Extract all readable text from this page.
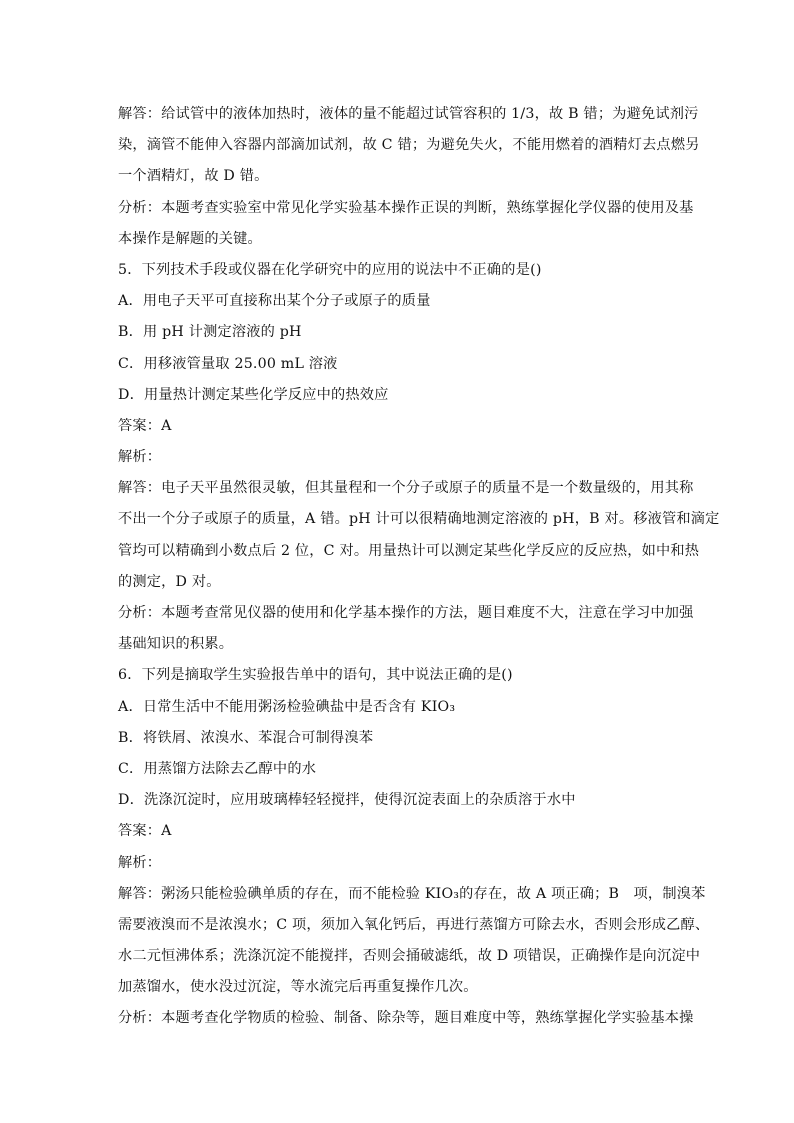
解答：给试管中的液体加热时，液体的量不能超过试管容积的 1/3，故 B 错；为避免试剂污
染，滴管不能伸入容器内部滴加试剂，故 C 错；为避免失火，不能用燃着的酒精灯去点燃另
一个酒精灯，故 D 错。
分析：本题考查实验室中常见化学实验基本操作正误的判断，熟练掌握化学仪器的使用及基
本操作是解题的关键。
5．下列技术手段或仪器在化学研究中的应用的说法中不正确的是()
A．用电子天平可直接称出某个分子或原子的质量
B．用 pH 计测定溶液的 pH
C．用移液管量取 25.00 mL 溶液
D．用量热计测定某些化学反应中的热效应
答案：A
解析：
解答：电子天平虽然很灵敏，但其量程和一个分子或原子的质量不是一个数量级的，用其称
不出一个分子或原子的质量，A 错。pH 计可以很精确地测定溶液的 pH，B 对。移液管和滴定
管均可以精确到小数点后 2 位，C 对。用量热计可以测定某些化学反应的反应热，如中和热
的测定，D 对。
分析：本题考查常见仪器的使用和化学基本操作的方法，题目难度不大，注意在学习中加强
基础知识的积累。
6．下列是摘取学生实验报告单中的语句，其中说法正确的是()
A．日常生活中不能用粥汤检验碘盐中是否含有 KIO₃
B．将铁屑、浓溴水、苯混合可制得溴苯
C．用蒸馏方法除去乙醇中的水
D．洗涤沉淀时，应用玻璃棒轻轻搅拌，使得沉淀表面上的杂质溶于水中
答案：A
解析：
解答：粥汤只能检验碘单质的存在，而不能检验 KIO₃的存在，故 A 项正确；B　项，制溴苯
需要液溴而不是浓溴水；C 项，须加入氧化钙后，再进行蒸馏方可除去水，否则会形成乙醇、
水二元恒沸体系；洗涤沉淀不能搅拌，否则会捅破滤纸，故 D 项错误，正确操作是向沉淀中
加蒸馏水，使水没过沉淀，等水流完后再重复操作几次。
分析：本题考查化学物质的检验、制备、除杂等，题目难度中等，熟练掌握化学实验基本操
